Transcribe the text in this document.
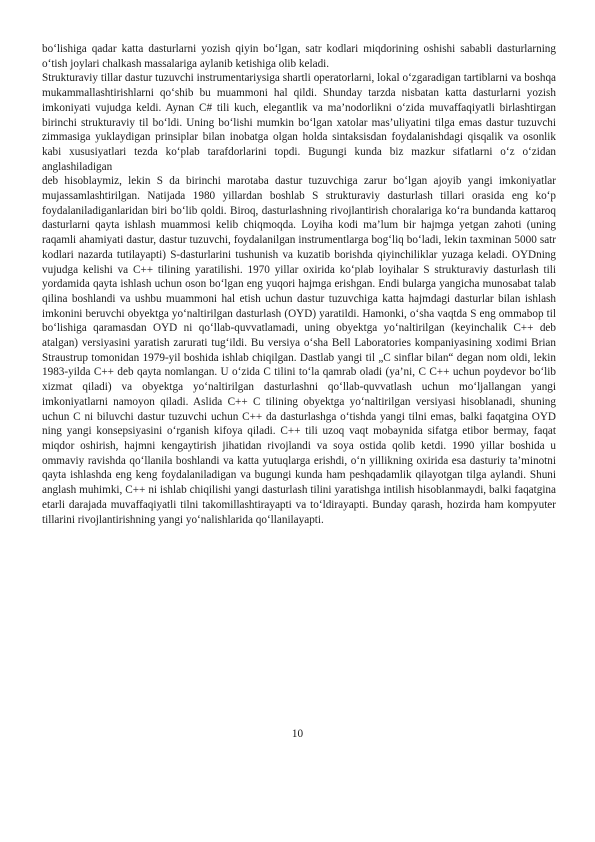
bo‘lishiga qadar katta dasturlarni yozish qiyin bo‘lgan, satr kodlari miqdorining oshishi sababli dasturlarning o‘tish joylari chalkash massalariga aylanib ketishiga olib keladi.

Strukturaviy tillar dastur tuzuvchi instrumentariysiga shartli operatorlarni, lokal o‘zgaradigan tartiblarni va boshqa mukammallashtirishlarni qo‘shib bu muammoni hal qildi. Shunday tarzda nisbatan katta dasturlarni yozish imkoniyati vujudga keldi. Aynan C# tili kuch, elegantlik va ma’nodorlikni o‘zida muvaffaqiyatli birlashtirgan birinchi strukturaviy til bo‘ldi. Uning bo‘lishi mumkin bo‘lgan xatolar mas’uliyatini tilga emas dastur tuzuvchi zimmasiga yuklaydigan prinsiplar bilan inobatga olgan holda sintaksisdan foydalanishdagi qisqalik va osonlik kabi xususiyatlari tezda ko‘plab tarafdorlarini topdi. Bugungi kunda biz mazkur sifatlarni o‘z o‘zidan anglashiladigan

deb hisoblaymiz, lekin S da birinchi marotaba dastur tuzuvchiga zarur bo‘lgan ajoyib yangi imkoniyatlar mujassamlashtirilgan. Natijada 1980 yillardan boshlab S strukturaviy dasturlash tillari orasida eng ko‘p foydalaniladiganlaridan biri bo‘lib qoldi. Biroq, dasturlashning rivojlantirish choralariga ko‘ra bundanda kattaroq dasturlarni qayta ishlash muammosi kelib chiqmoqda. Loyiha kodi ma’lum bir hajmga yetgan zahoti (uning raqamli ahamiyati dastur, dastur tuzuvchi, foydalanilgan instrumentlarga bog‘liq bo‘ladi, lekin taxminan 5000 satr kodlari nazarda tutilayapti) S-dasturlarini tushunish va kuzatib borishda qiyinchiliklar yuzaga keladi. OYDning vujudga kelishi va C++ tilining yaratilishi. 1970 yillar oxirida ko‘plab loyihalar S strukturaviy dasturlash tili yordamida qayta ishlash uchun oson bo‘lgan eng yuqori hajmga erishgan. Endi bularga yangicha munosabat talab qilina boshlandi va ushbu muammoni hal etish uchun dastur tuzuvchiga katta hajmdagi dasturlar bilan ishlash imkonini beruvchi obyektga yo‘naltirilgan dasturlash (OYD) yaratildi. Hamonki, o‘sha vaqtda S eng ommabop til bo‘lishiga qaramasdan OYD ni qo‘llab-quvvatlamadi, uning obyektga yo‘naltirilgan (keyinchalik C++ deb atalgan) versiyasini yaratish zarurati tug‘ildi. Bu versiya o‘sha Bell Laboratories kompaniyasining xodimi Brian Straustrup tomonidan 1979-yil boshida ishlab chiqilgan. Dastlab yangi til „C sinflar bilan“ degan nom oldi, lekin 1983-yilda C++ deb qayta nomlangan. U o‘zida C tilini to‘la qamrab oladi (ya’ni, C C++ uchun poydevor bo‘lib xizmat qiladi) va obyektga yo‘naltirilgan dasturlashni qo‘llab-quvvatlash uchun mo‘ljallangan yangi imkoniyatlarni namoyon qiladi. Aslida C++ C tilining obyektga yo‘naltirilgan versiyasi hisoblanadi, shuning uchun C ni biluvchi dastur tuzuvchi uchun C++ da dasturlashga o‘tishda yangi tilni emas, balki faqatgina OYD ning yangi konsepsiyasini o‘rganish kifoya qiladi. C++ tili uzoq vaqt mobaynida sifatga etibor bermay, faqat miqdor oshirish, hajmni kengaytirish jihatidan rivojlandi va soya ostida qolib ketdi. 1990 yillar boshida u ommaviy ravishda qo‘llanila boshlandi va katta yutuqlarga erishdi, o‘n yillikning oxirida esa dasturiy ta’minotni qayta ishlashda eng keng foydalaniladigan va bugungi kunda ham peshqadamlik qilayotgan tilga aylandi. Shuni anglash muhimki, C++ ni ishlab chiqilishi yangi dasturlash tilini yaratishga intilish hisoblanmaydi, balki faqatgina etarli darajada muvaffaqiyatli tilni takomillashtirayapti va to‘ldirayapti. Bunday qarash, hozirda ham kompyuter tillarini rivojlantirishning yangi yo‘nalishlarida qo‘llanilayapti.

10
